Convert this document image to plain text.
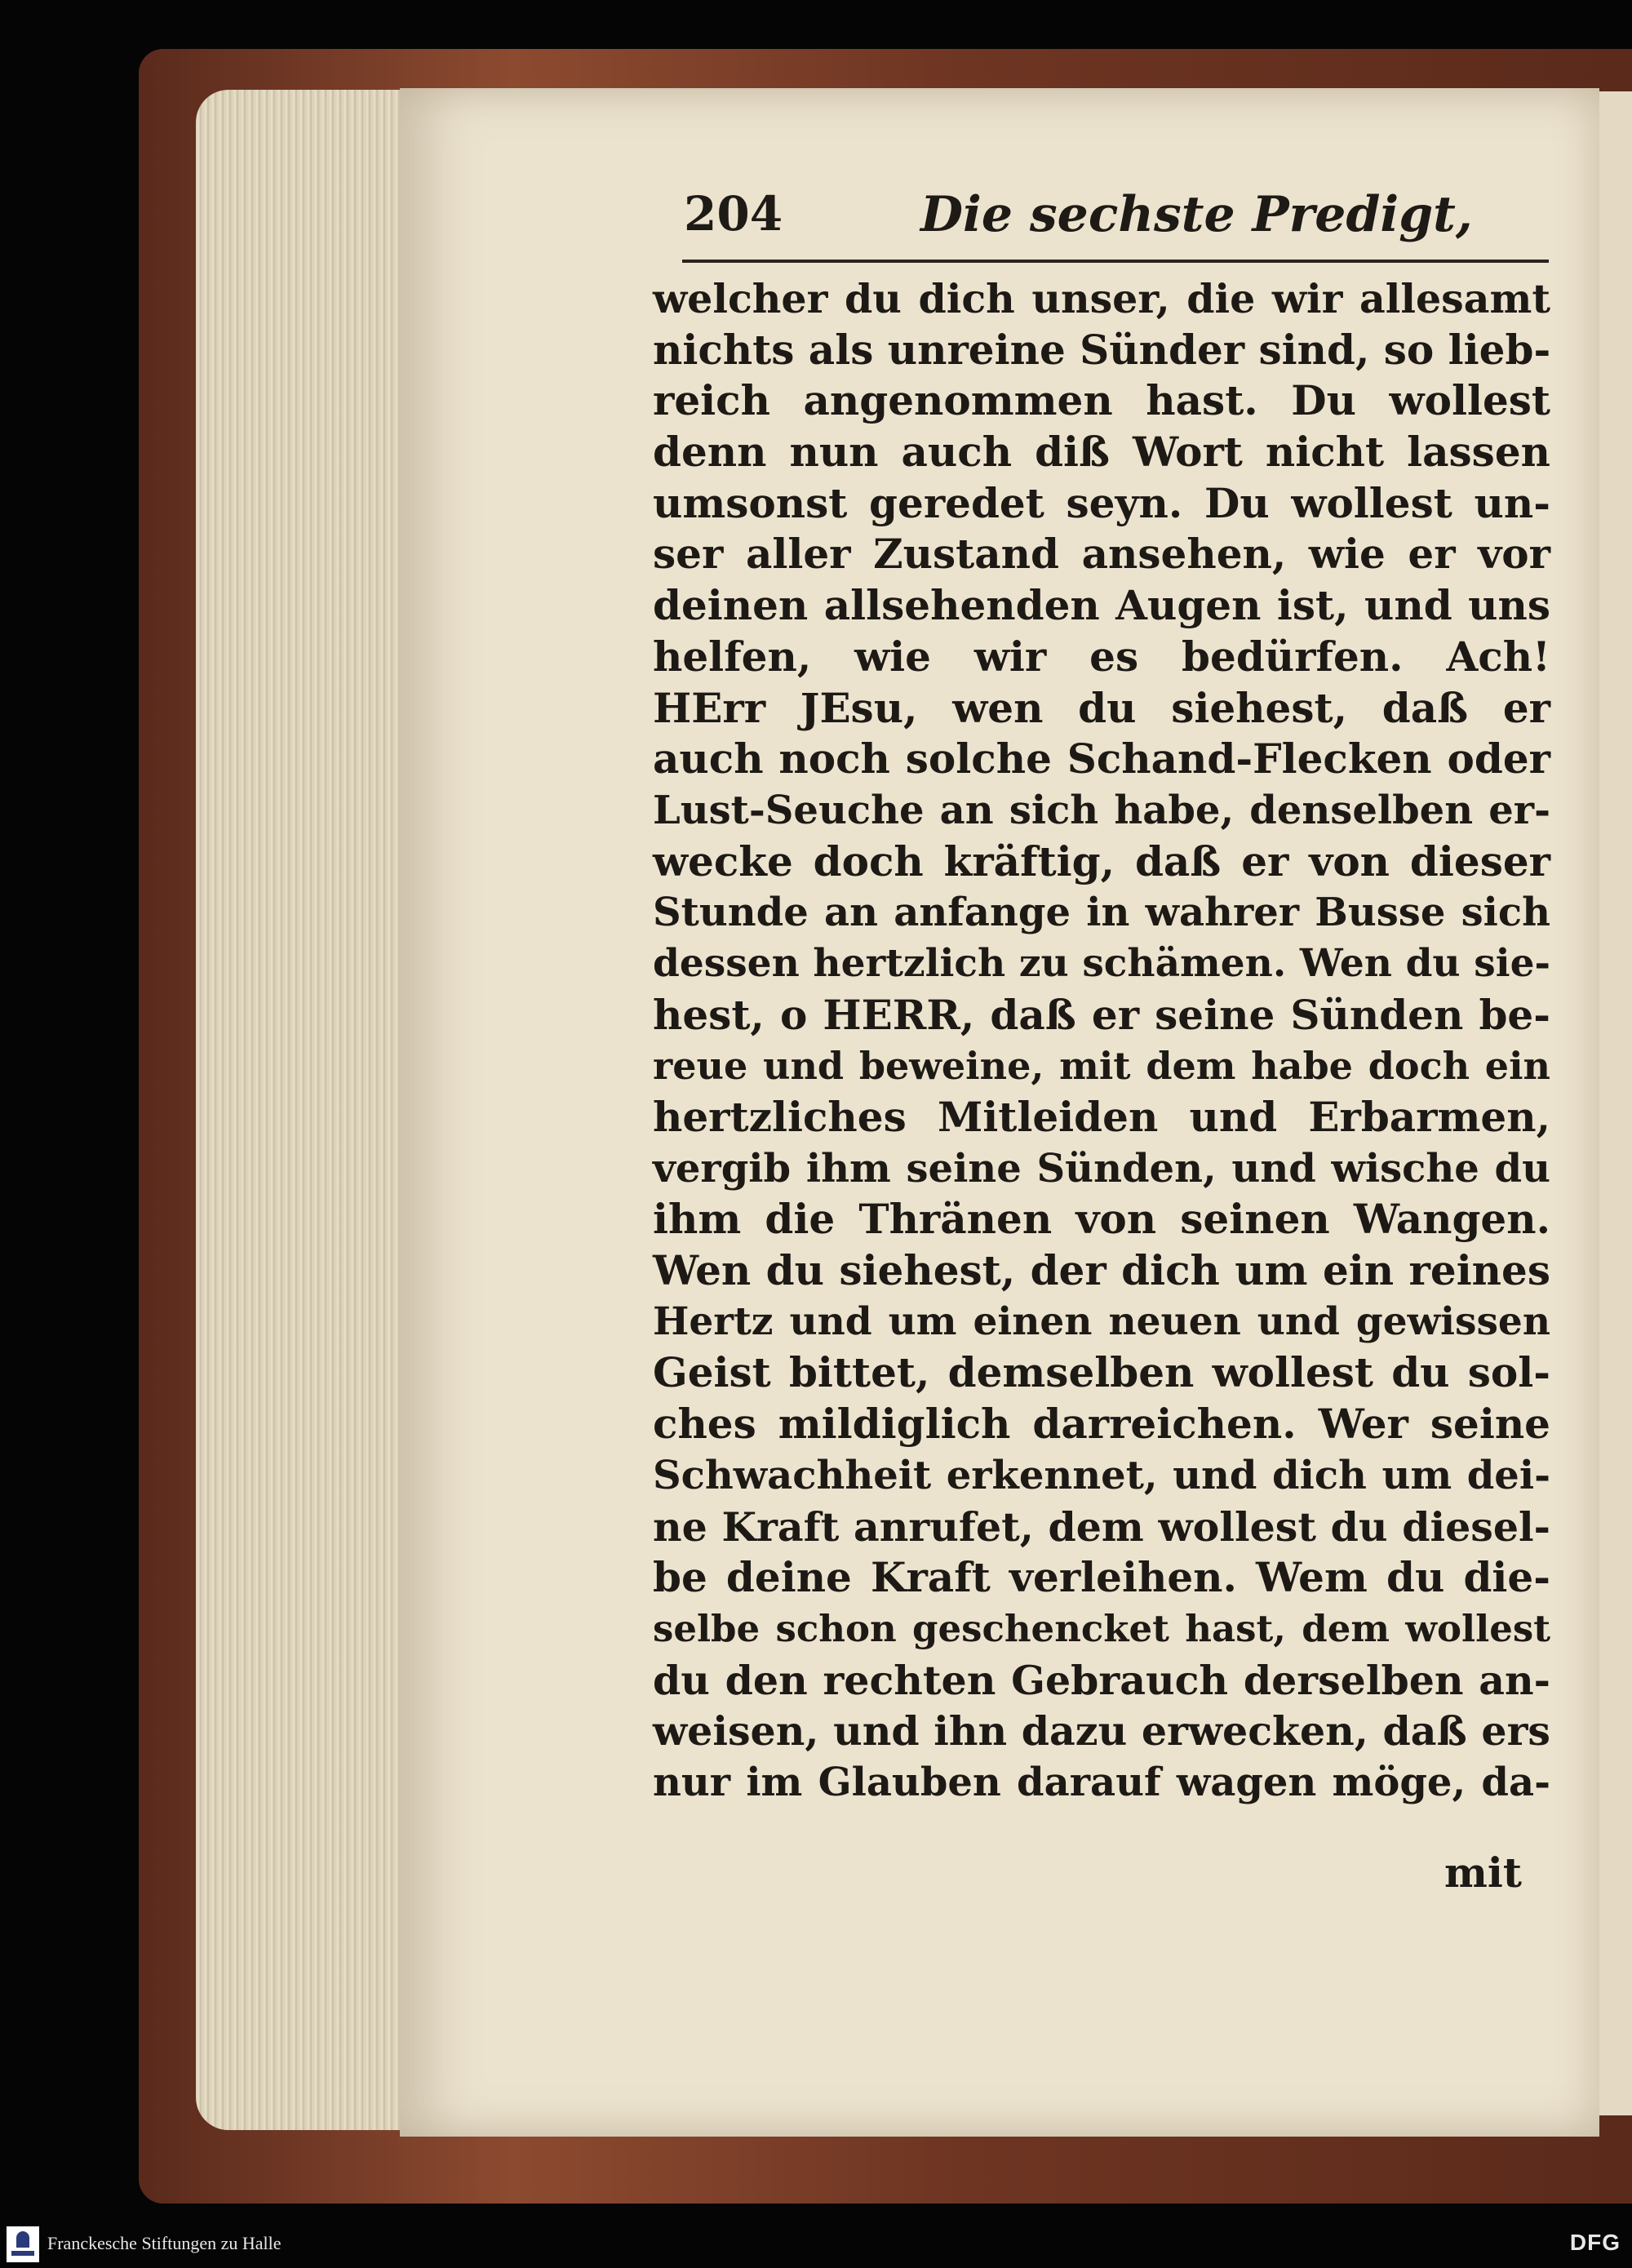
204	Die sechste Predigt,
welcher du dich unser, die wir allesamt
nichts als unreine Sünder sind, so lieb-
reich angenommen hast. Du wollest
denn nun auch diß Wort nicht lassen
umsonst geredet seyn. Du wollest un-
ser aller Zustand ansehen, wie er vor
deinen allsehenden Augen ist, und uns
helfen, wie wir es bedürfen. Ach!
HErr JEsu, wen du siehest, daß er
auch noch solche Schand-Flecken oder
Lust-Seuche an sich habe, denselben er-
wecke doch kräftig, daß er von dieser
Stunde an anfange in wahrer Busse sich
dessen hertzlich zu schämen. Wen du sie-
hest, o HERR, daß er seine Sünden be-
reue und beweine, mit dem habe doch ein
hertzliches Mitleiden und Erbarmen,
vergib ihm seine Sünden, und wische du
ihm die Thränen von seinen Wangen.
Wen du siehest, der dich um ein reines
Hertz und um einen neuen und gewissen
Geist bittet, demselben wollest du sol-
ches mildiglich darreichen. Wer seine
Schwachheit erkennet, und dich um dei-
ne Kraft anrufet, dem wollest du diesel-
be deine Kraft verleihen. Wem du die-
selbe schon geschencket hast, dem wollest
du den rechten Gebrauch derselben an-
weisen, und ihn dazu erwecken, daß ers
nur im Glauben darauf wagen möge, da-
mit
Franckesche Stiftungen zu Halle	DFG
